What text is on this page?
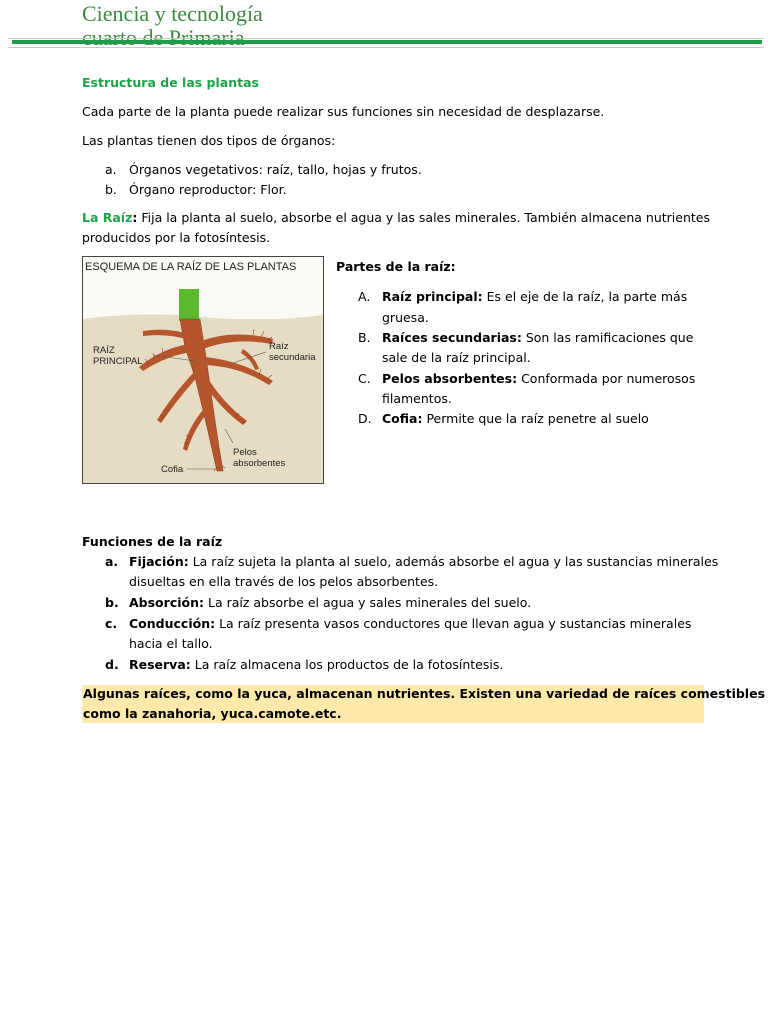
Ciencia y tecnología
Estructura de las plantas
Cada parte de la planta puede realizar sus funciones sin necesidad de desplazarse.
Las plantas tienen dos tipos de órganos:
a. Órganos vegetativos: raíz, tallo, hojas y frutos.
b. Órgano reproductor: Flor.
La Raíz: Fija la planta al suelo, absorbe el agua y las sales minerales. También almacena nutrientes
producidos por la fotosíntesis.
Partes de la raíz:
A. Raíz principal: Es el eje de la raíz, la parte más
gruesa.
B. Raíces secundarias: Son las ramificaciones que
sale de la raíz principal.
C. Pelos absorbentes: Conformada por numerosos
filamentos.
D. Cofia: Permite que la raíz penetre al suelo
Funciones de la raíz
a. Fijación: La raíz sujeta la planta al suelo, además absorbe el agua y las sustancias minerales
disueltas en ella través de los pelos absorbentes.
b. Absorción: La raíz absorbe el agua y sales minerales del suelo.
c. Conducción: La raíz presenta vasos conductores que llevan agua y sustancias minerales
hacia el tallo.
d. Reserva: La raíz almacena los productos de la fotosíntesis.
ESQUEMA DE LA RAÍZ DE LAS PLANTAS
RAÍZ
PRINCIPAL
Raíz
secundaria
Pelos
absorbentes
Cofia
Algunas raíces, como la yuca, almacenan nutrientes. Existen una variedad de raíces comestibles
como la zanahoria, yuca.camote.etc.
